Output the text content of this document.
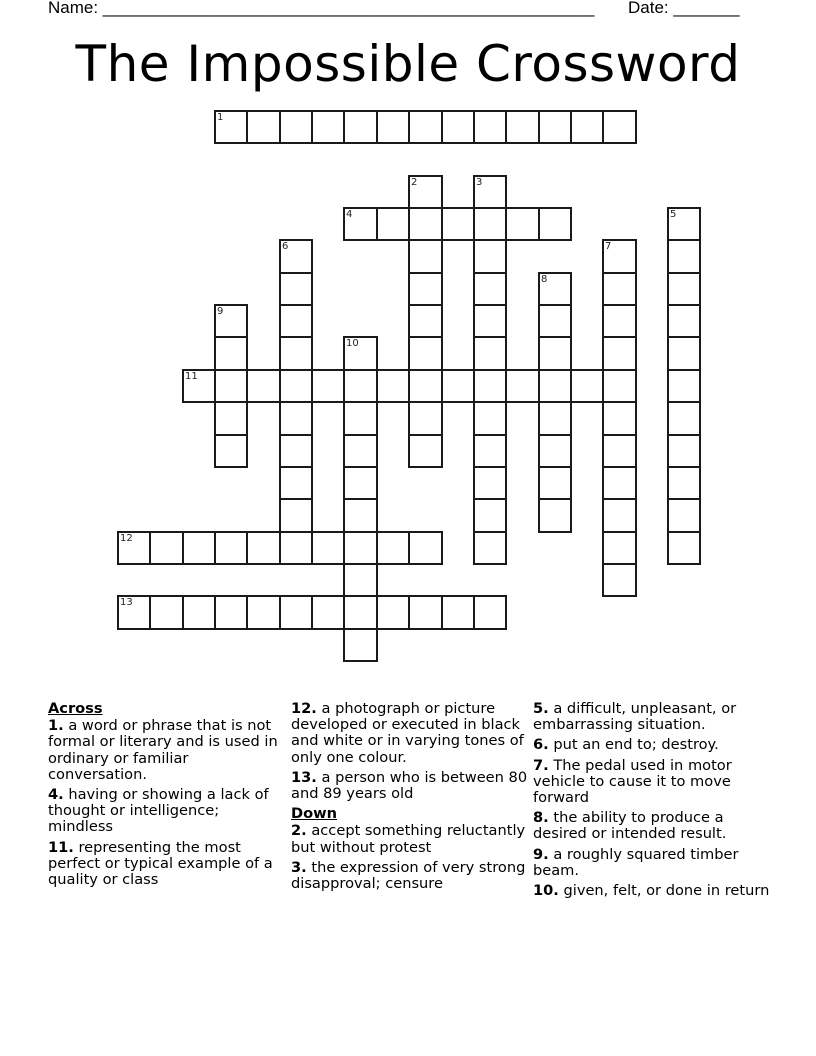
Name: ____________________________________________________ Date: _______
The Impossible Crossword
1
2	3
4	5
6	7
8
9
10
11
12
13
Across
1. a word or phrase that is not formal or literary and is used in ordinary or familiar conversation.
4. having or showing a lack of thought or intelligence; mindless
11. representing the most perfect or typical example of a quality or class
12. a photograph or picture developed or executed in black and white or in varying tones of only one colour.
13. a person who is between 80 and 89 years old
Down
2. accept something reluctantly but without protest
3. the expression of very strong disapproval; censure
5. a difficult, unpleasant, or embarrassing situation.
6. put an end to; destroy.
7. The pedal used in motor vehicle to cause it to move forward
8. the ability to produce a desired or intended result.
9. a roughly squared timber beam.
10. given, felt, or done in return
